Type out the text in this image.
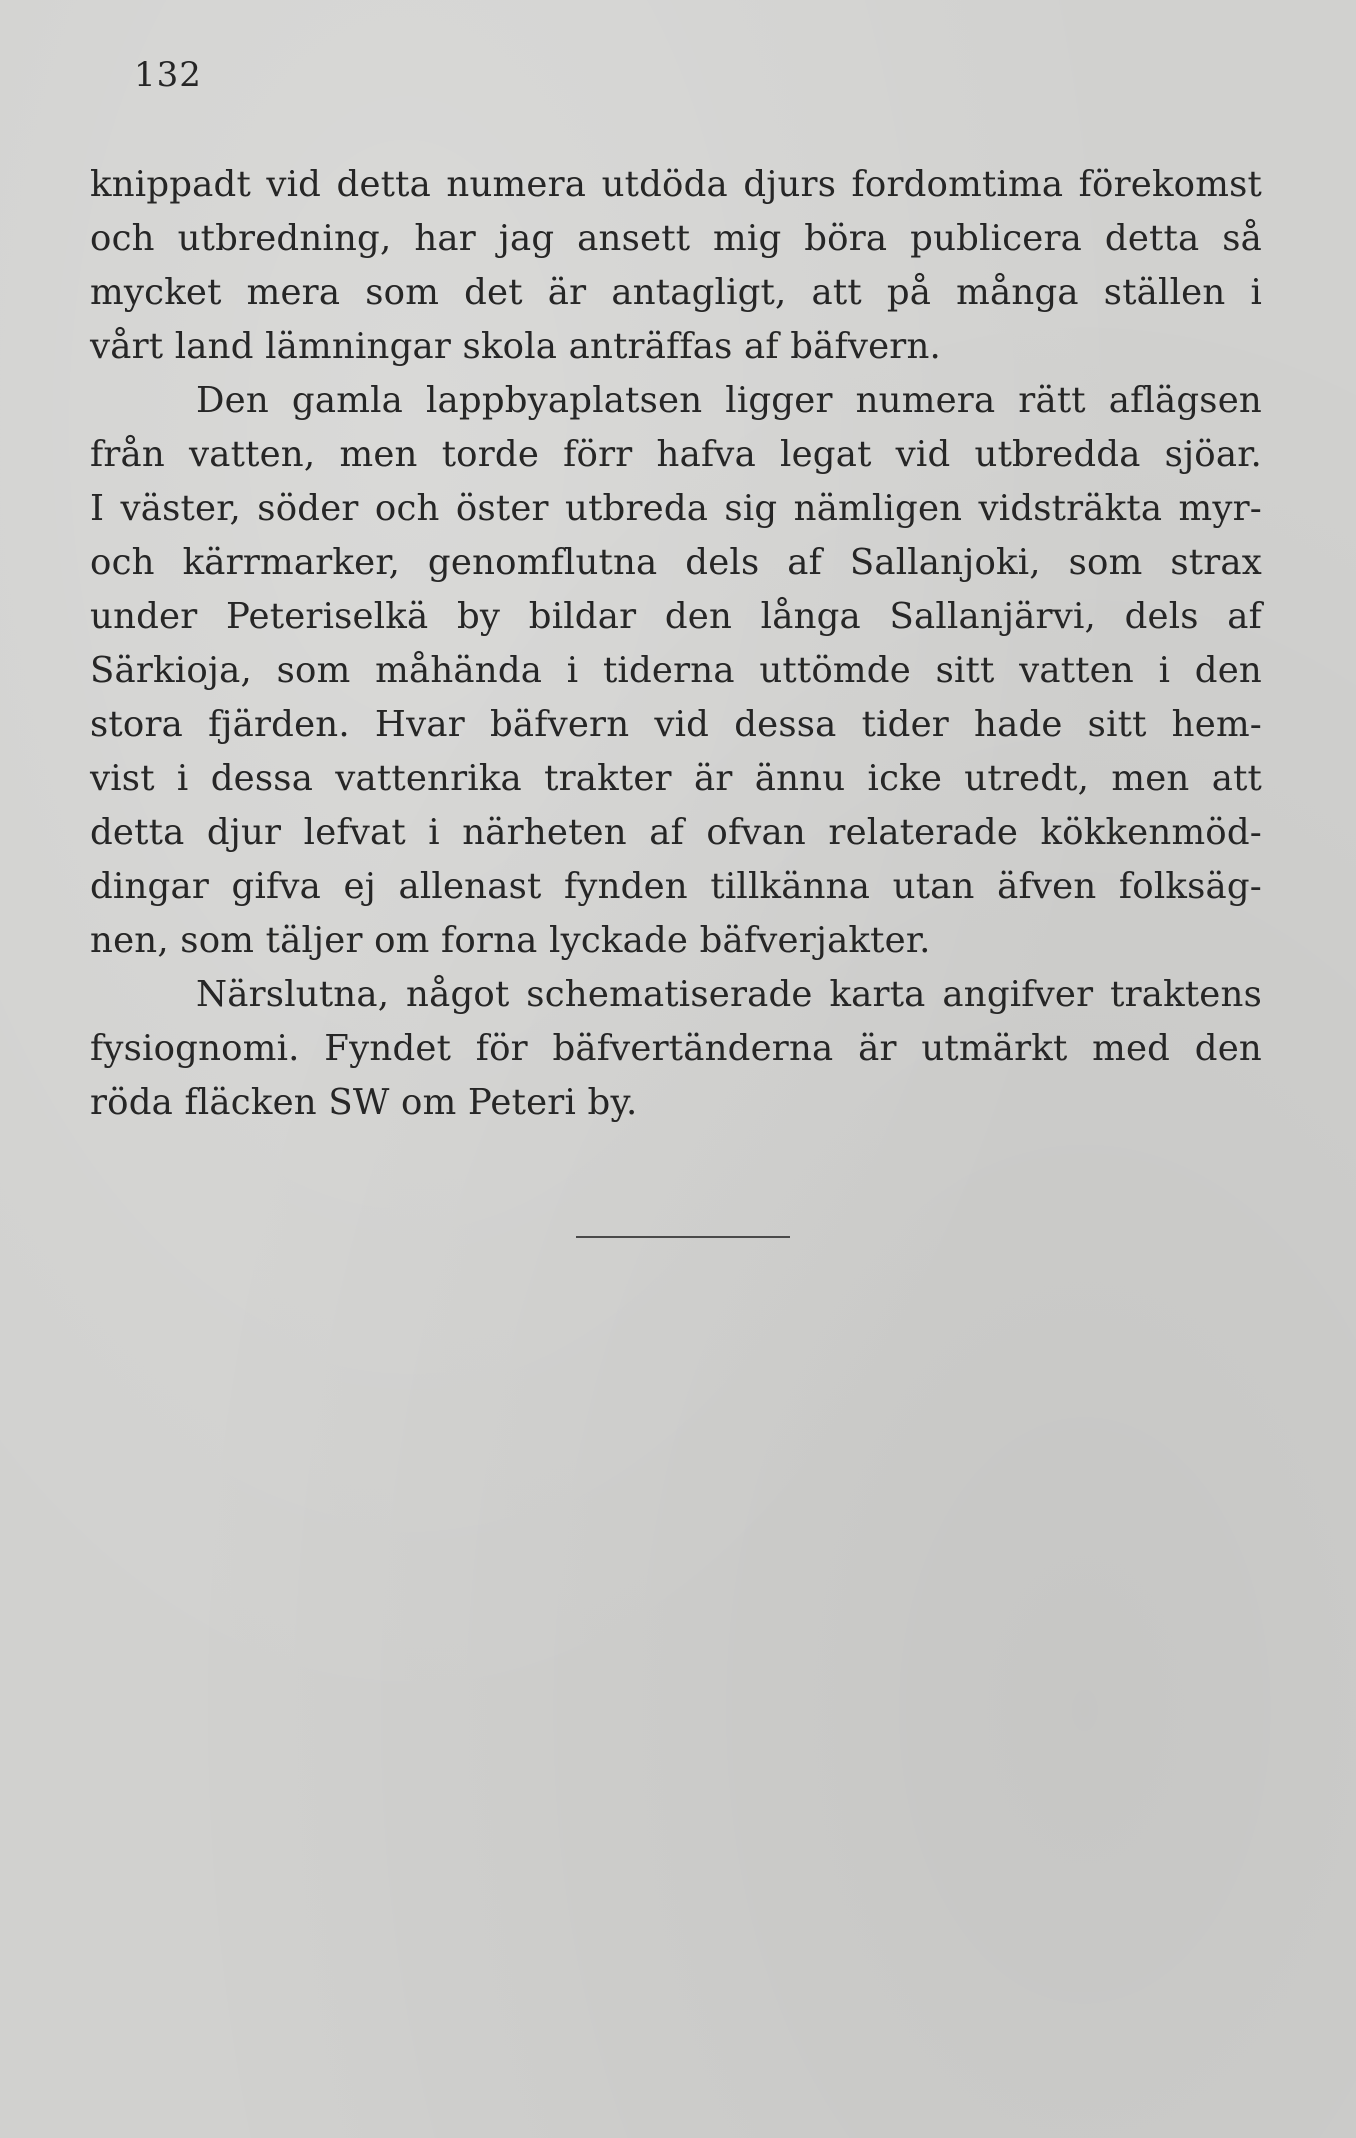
132
knippadt vid detta numera utdöda djurs fordomtima förekomst
och utbredning, har jag ansett mig böra publicera detta så
mycket mera som det är antagligt, att på många ställen i
vårt land lämningar skola anträffas af bäfvern.
Den gamla lappbyaplatsen ligger numera rätt aflägsen
från vatten, men torde förr hafva legat vid utbredda sjöar.
I väster, söder och öster utbreda sig nämligen vidsträkta myr-
och kärrmarker, genomflutna dels af Sallanjoki, som strax
under Peteriselkä by bildar den långa Sallanjärvi, dels af
Särkioja, som måhända i tiderna uttömde sitt vatten i den
stora fjärden. Hvar bäfvern vid dessa tider hade sitt hem-
vist i dessa vattenrika trakter är ännu icke utredt, men att
detta djur lefvat i närheten af ofvan relaterade kökkenmöd-
dingar gifva ej allenast fynden tillkänna utan äfven folksäg-
nen, som täljer om forna lyckade bäfverjakter.
Närslutna, något schematiserade karta angifver traktens
fysiognomi. Fyndet för bäfvertänderna är utmärkt med den
röda fläcken SW om Peteri by.
